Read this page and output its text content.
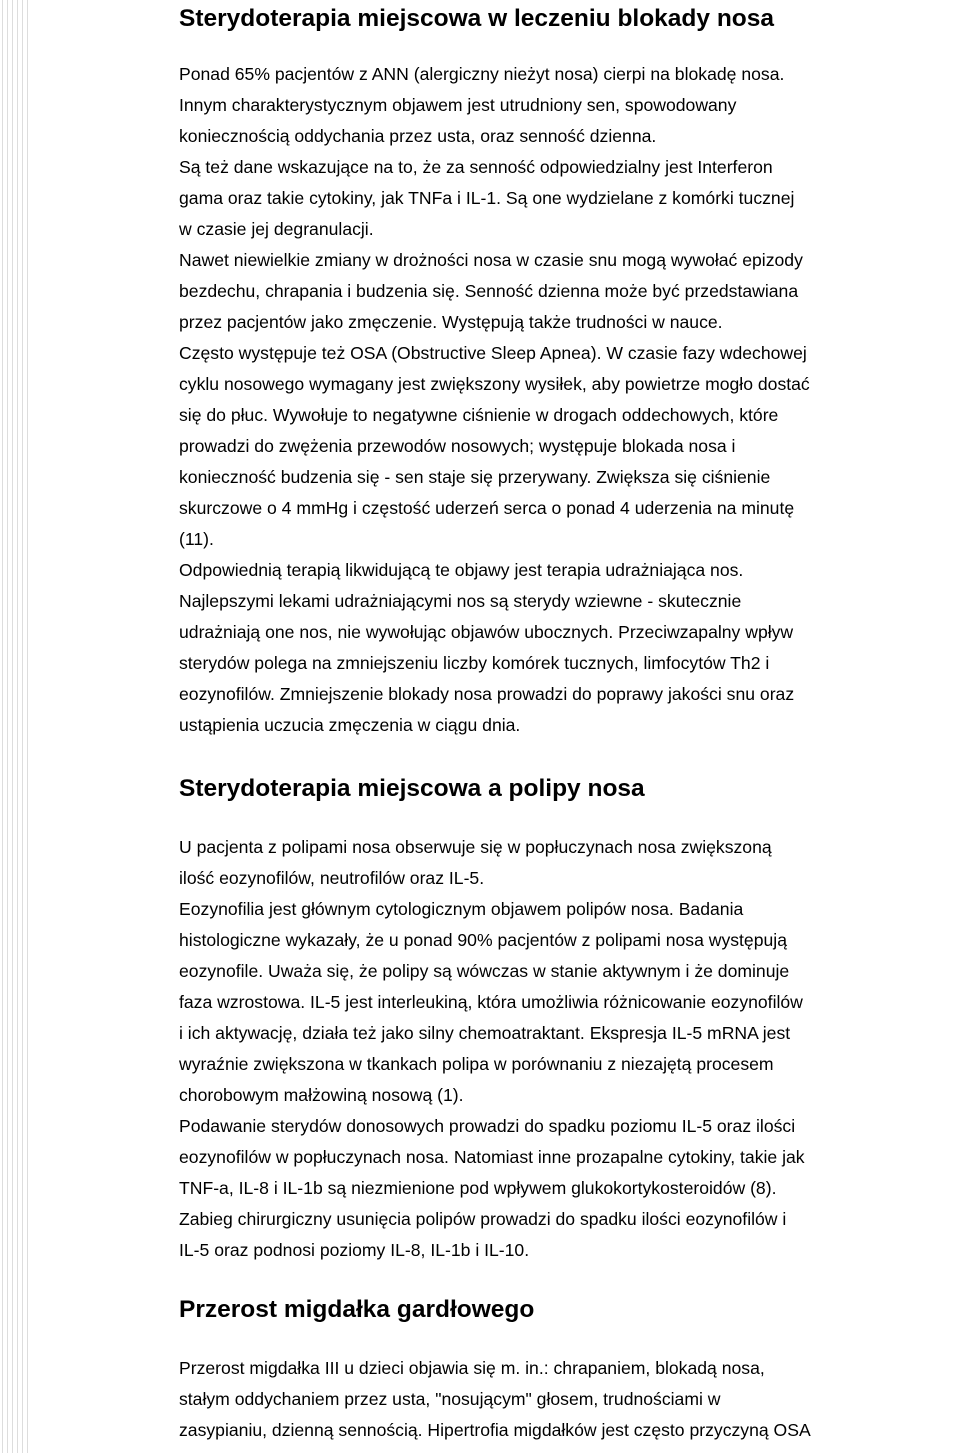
Sterydoterapia miejscowa w leczeniu blokady nosa
Ponad 65% pacjentów z ANN (alergiczny nieżyt nosa) cierpi na blokadę nosa.
Innym charakterystycznym objawem jest utrudniony sen, spowodowany
koniecznością oddychania przez usta, oraz senność dzienna.
Są też dane wskazujące na to, że za senność odpowiedzialny jest Interferon
gama oraz takie cytokiny, jak TNFa i IL-1. Są one wydzielane z komórki tucznej
w czasie jej degranulacji.
Nawet niewielkie zmiany w drożności nosa w czasie snu mogą wywołać epizody
bezdechu, chrapania i budzenia się. Senność dzienna może być przedstawiana
przez pacjentów jako zmęczenie. Występują także trudności w nauce.
Często występuje też OSA (Obstructive Sleep Apnea). W czasie fazy wdechowej
cyklu nosowego wymagany jest zwiększony wysiłek, aby powietrze mogło dostać
się do płuc. Wywołuje to negatywne ciśnienie w drogach oddechowych, które
prowadzi do zwężenia przewodów nosowych; występuje blokada nosa i
konieczność budzenia się - sen staje się przerywany. Zwiększa się ciśnienie
skurczowe o 4 mmHg i częstość uderzeń serca o ponad 4 uderzenia na minutę
(11).
Odpowiednią terapią likwidującą te objawy jest terapia udrażniająca nos.
Najlepszymi lekami udrażniającymi nos są sterydy wziewne - skutecznie
udrażniają one nos, nie wywołując objawów ubocznych. Przeciwzapalny wpływ
sterydów polega na zmniejszeniu liczby komórek tucznych, limfocytów Th2 i
eozynofilów. Zmniejszenie blokady nosa prowadzi do poprawy jakości snu oraz
ustąpienia uczucia zmęczenia w ciągu dnia.
Sterydoterapia miejscowa a polipy nosa
U pacjenta z polipami nosa obserwuje się w popłuczynach nosa zwiększoną
ilość eozynofilów, neutrofilów oraz IL-5.
Eozynofilia jest głównym cytologicznym objawem polipów nosa. Badania
histologiczne wykazały, że u ponad 90% pacjentów z polipami nosa występują
eozynofile. Uważa się, że polipy są wówczas w stanie aktywnym i że dominuje
faza wzrostowa. IL-5 jest interleukiną, która umożliwia różnicowanie eozynofilów
i ich aktywację, działa też jako silny chemoatraktant. Ekspresja IL-5 mRNA jest
wyraźnie zwiększona w tkankach polipa w porównaniu z niezajętą procesem
chorobowym małżowiną nosową (1).
Podawanie sterydów donosowych prowadzi do spadku poziomu IL-5 oraz ilości
eozynofilów w popłuczynach nosa. Natomiast inne prozapalne cytokiny, takie jak
TNF-a, IL-8 i IL-1b są niezmienione pod wpływem glukokortykosteroidów (8).
Zabieg chirurgiczny usunięcia polipów prowadzi do spadku ilości eozynofilów i
IL-5 oraz podnosi poziomy IL-8, IL-1b i IL-10.
Przerost migdałka gardłowego
Przerost migdałka III u dzieci objawia się m. in.: chrapaniem, blokadą nosa,
stałym oddychaniem przez usta, "nosującym" głosem, trudnościami w
zasypianiu, dzienną sennością. Hipertrofia migdałków jest często przyczyną OSA
